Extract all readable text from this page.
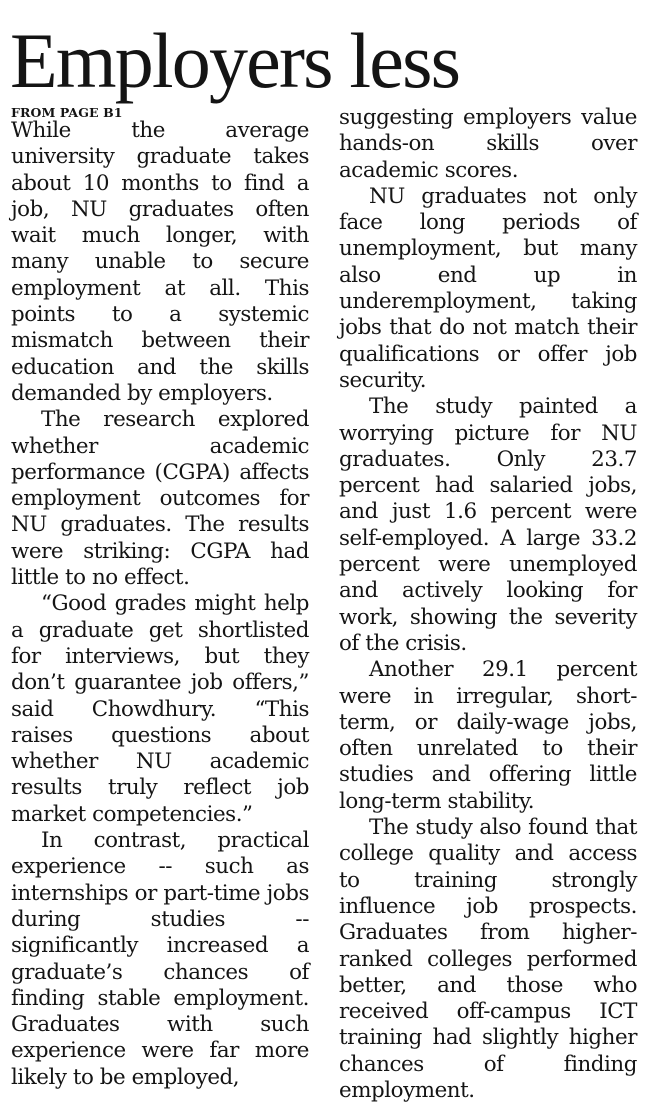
Employers less
FROM PAGE B1

While the average university graduate takes about 10 months to find a job, NU graduates often wait much longer, with many unable to secure employment at all. This points to a systemic mismatch between their education and the skills demanded by employers.

The research explored whether academic performance (CGPA) affects employment outcomes for NU graduates. The results were striking: CGPA had little to no effect.

“Good grades might help a graduate get shortlisted for interviews, but they don’t guarantee job offers,” said Chowdhury. “This raises questions about whether NU academic results truly reflect job market competencies.”

In contrast, practical experience -- such as internships or part-time jobs during studies -- significantly increased a graduate’s chances of finding stable employment. Graduates with such experience were far more likely to be employed,

suggesting employers value hands-on skills over academic scores.

NU graduates not only face long periods of unemployment, but many also end up in underemployment, taking jobs that do not match their qualifications or offer job security.

The study painted a worrying picture for NU graduates. Only 23.7 percent had salaried jobs, and just 1.6 percent were self-employed. A large 33.2 percent were unemployed and actively looking for work, showing the severity of the crisis.

Another 29.1 percent were in irregular, short-term, or daily-wage jobs, often unrelated to their studies and offering little long-term stability.

The study also found that college quality and access to training strongly influence job prospects. Graduates from higher-ranked colleges performed better, and those who received off-campus ICT training had slightly higher chances of finding employment.
